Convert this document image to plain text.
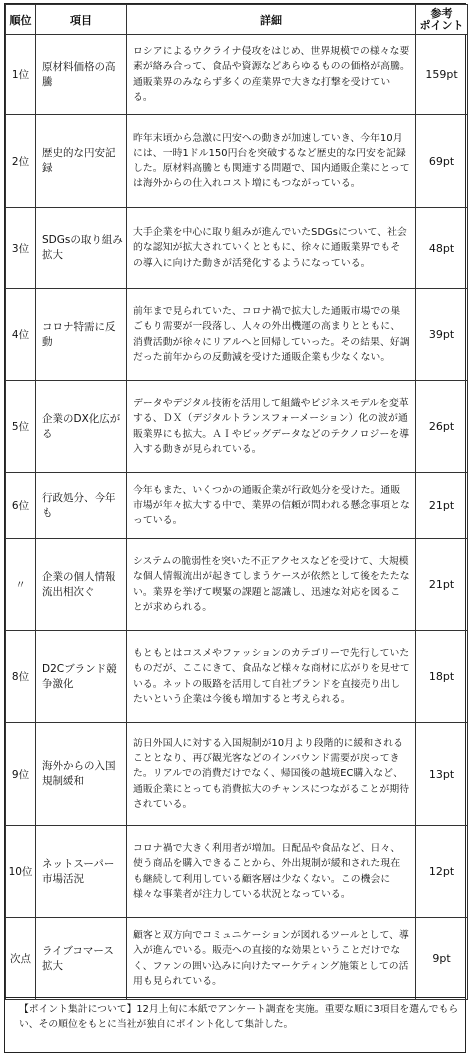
順位	項目	詳細	参考
ポイント
1位	原材料価格の高騰	ロシアによるウクライナ侵攻をはじめ、世界規模での様々な要素が絡み合って、食品や資源などあらゆるものの価格が高騰。通販業界のみならず多くの産業界で大きな打撃を受けている。	159pt
2位	歴史的な円安記録	昨年末頃から急激に円安への動きが加速していき、今年10月には、一時1ドル150円台を突破するなど歴史的な円安を記録した。原材料高騰とも関連する問題で、国内通販企業にとっては海外からの仕入れコスト増にもつながっている。	69pt
3位	SDGsの取り組み拡大	大手企業を中心に取り組みが進んでいたSDGsについて、社会的な認知が拡大されていくとともに、徐々に通販業界でもその導入に向けた動きが活発化するようになっている。	48pt
4位	コロナ特需に反動	前年まで見られていた、コロナ禍で拡大した通販市場での巣ごもり需要が一段落し、人々の外出機運の高まりとともに、消費活動が徐々にリアルへと回帰していった。その結果、好調だった前年からの反動減を受けた通販企業も少なくない。	39pt
5位	企業のDX化広がる	データやデジタル技術を活用して組織やビジネスモデルを変革する、ＤＸ（デジタルトランスフォーメーション）化の波が通販業界にも拡大。ＡＩやビッグデータなどのテクノロジーを導入する動きが見られている。	26pt
6位	行政処分、今年も	今年もまた、いくつかの通販企業が行政処分を受けた。通販市場が年々拡大する中で、業界の信頼が問われる懸念事項となっている。	21pt
〃	企業の個人情報流出相次ぐ	システムの脆弱性を突いた不正アクセスなどを受けて、大規模な個人情報流出が起きてしまうケースが依然として後をたたない。業界を挙げて喫緊の課題と認識し、迅速な対応を図ることが求められる。	21pt
8位	D2Cブランド競争激化	もともとはコスメやファッションのカテゴリーで先行していたものだが、ここにきて、食品など様々な商材に広がりを見せている。ネットの販路を活用して自社ブランドを直接売り出したいという企業は今後も増加すると考えられる。	18pt
9位	海外からの入国規制緩和	訪日外国人に対する入国規制が10月より段階的に緩和されることとなり、再び観光客などのインバウンド需要が戻ってきた。リアルでの消費だけでなく、帰国後の越境EC購入など、通販企業にとっても消費拡大のチャンスにつながることが期待されている。	13pt
10位	ネットスーパー市場活況	コロナ禍で大きく利用者が増加。日配品や食品など、日々、使う商品を購入できることから、外出規制が緩和された現在も継続して利用している顧客層は少なくない。この機会に様々な事業者が注力している状況となっている。	12pt
次点	ライブコマース拡大	顧客と双方向でコミュニケーションが図れるツールとして、導入が進んでいる。販売への直接的な効果ということだけでなく、ファンの囲い込みに向けたマーケティング施策としての活用も見られている。	9pt
【ポイント集計について】12月上旬に本紙でアンケート調査を実施。重要な順に3項目を選んでもらい、その順位をもとに当社が独自にポイント化して集計した。
